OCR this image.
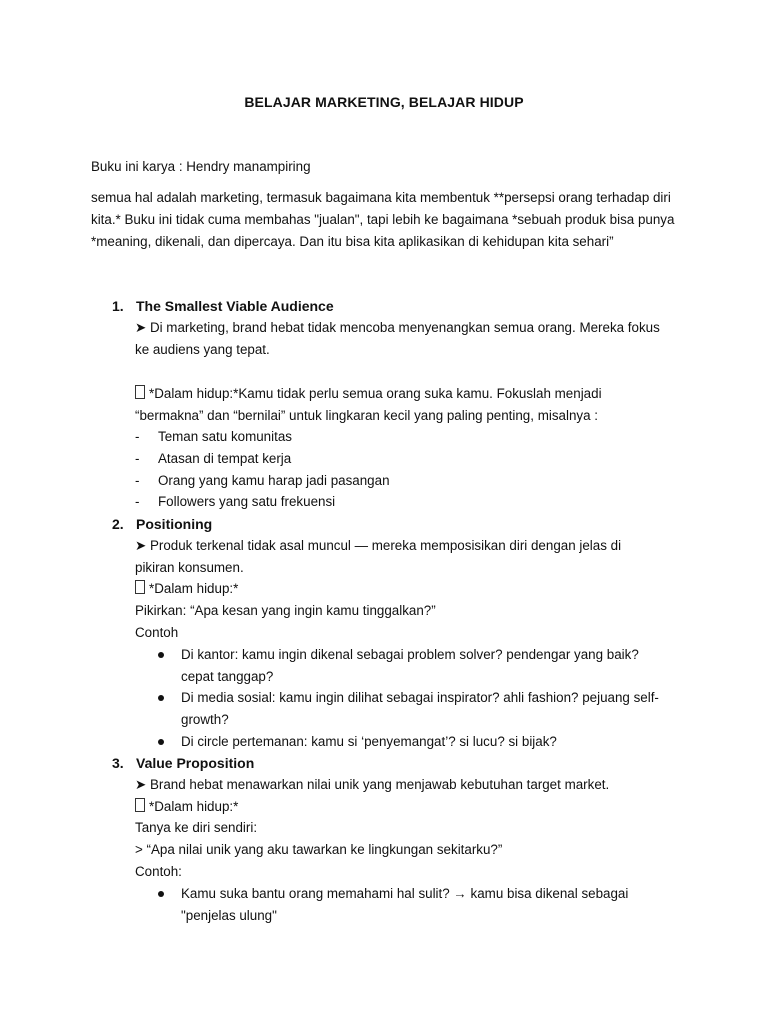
BELAJAR MARKETING, BELAJAR HIDUP

Buku ini karya : Hendry manampiring

semua hal adalah marketing, termasuk bagaimana kita membentuk **persepsi orang terhadap diri kita.* Buku ini tidak cuma membahas "jualan", tapi lebih ke bagaimana *sebuah produk bisa punya *meaning, dikenali, dan dipercaya. Dan itu bisa kita aplikasikan di kehidupan kita sehari”

1. The Smallest Viable Audience
➤ Di marketing, brand hebat tidak mencoba menyenangkan semua orang. Mereka fokus
ke audiens yang tepat.
*Dalam hidup:*Kamu tidak perlu semua orang suka kamu. Fokuslah menjadi
“bermakna” dan “bernilai” untuk lingkaran kecil yang paling penting, misalnya :
- Teman satu komunitas
- Atasan di tempat kerja
- Orang yang kamu harap jadi pasangan
- Followers yang satu frekuensi
2. Positioning
➤ Produk terkenal tidak asal muncul — mereka memposisikan diri dengan jelas di
pikiran konsumen.
*Dalam hidup:*
Pikirkan: “Apa kesan yang ingin kamu tinggalkan?”
Contoh
Di kantor: kamu ingin dikenal sebagai problem solver? pendengar yang baik?
cepat tanggap?
Di media sosial: kamu ingin dilihat sebagai inspirator? ahli fashion? pejuang self-
growth?
Di circle pertemanan: kamu si ‘penyemangat’? si lucu? si bijak?
3. Value Proposition
➤ Brand hebat menawarkan nilai unik yang menjawab kebutuhan target market.
*Dalam hidup:*
Tanya ke diri sendiri:
> “Apa nilai unik yang aku tawarkan ke lingkungan sekitarku?”
Contoh:
Kamu suka bantu orang memahami hal sulit? → kamu bisa dikenal sebagai
"penjelas ulung"
